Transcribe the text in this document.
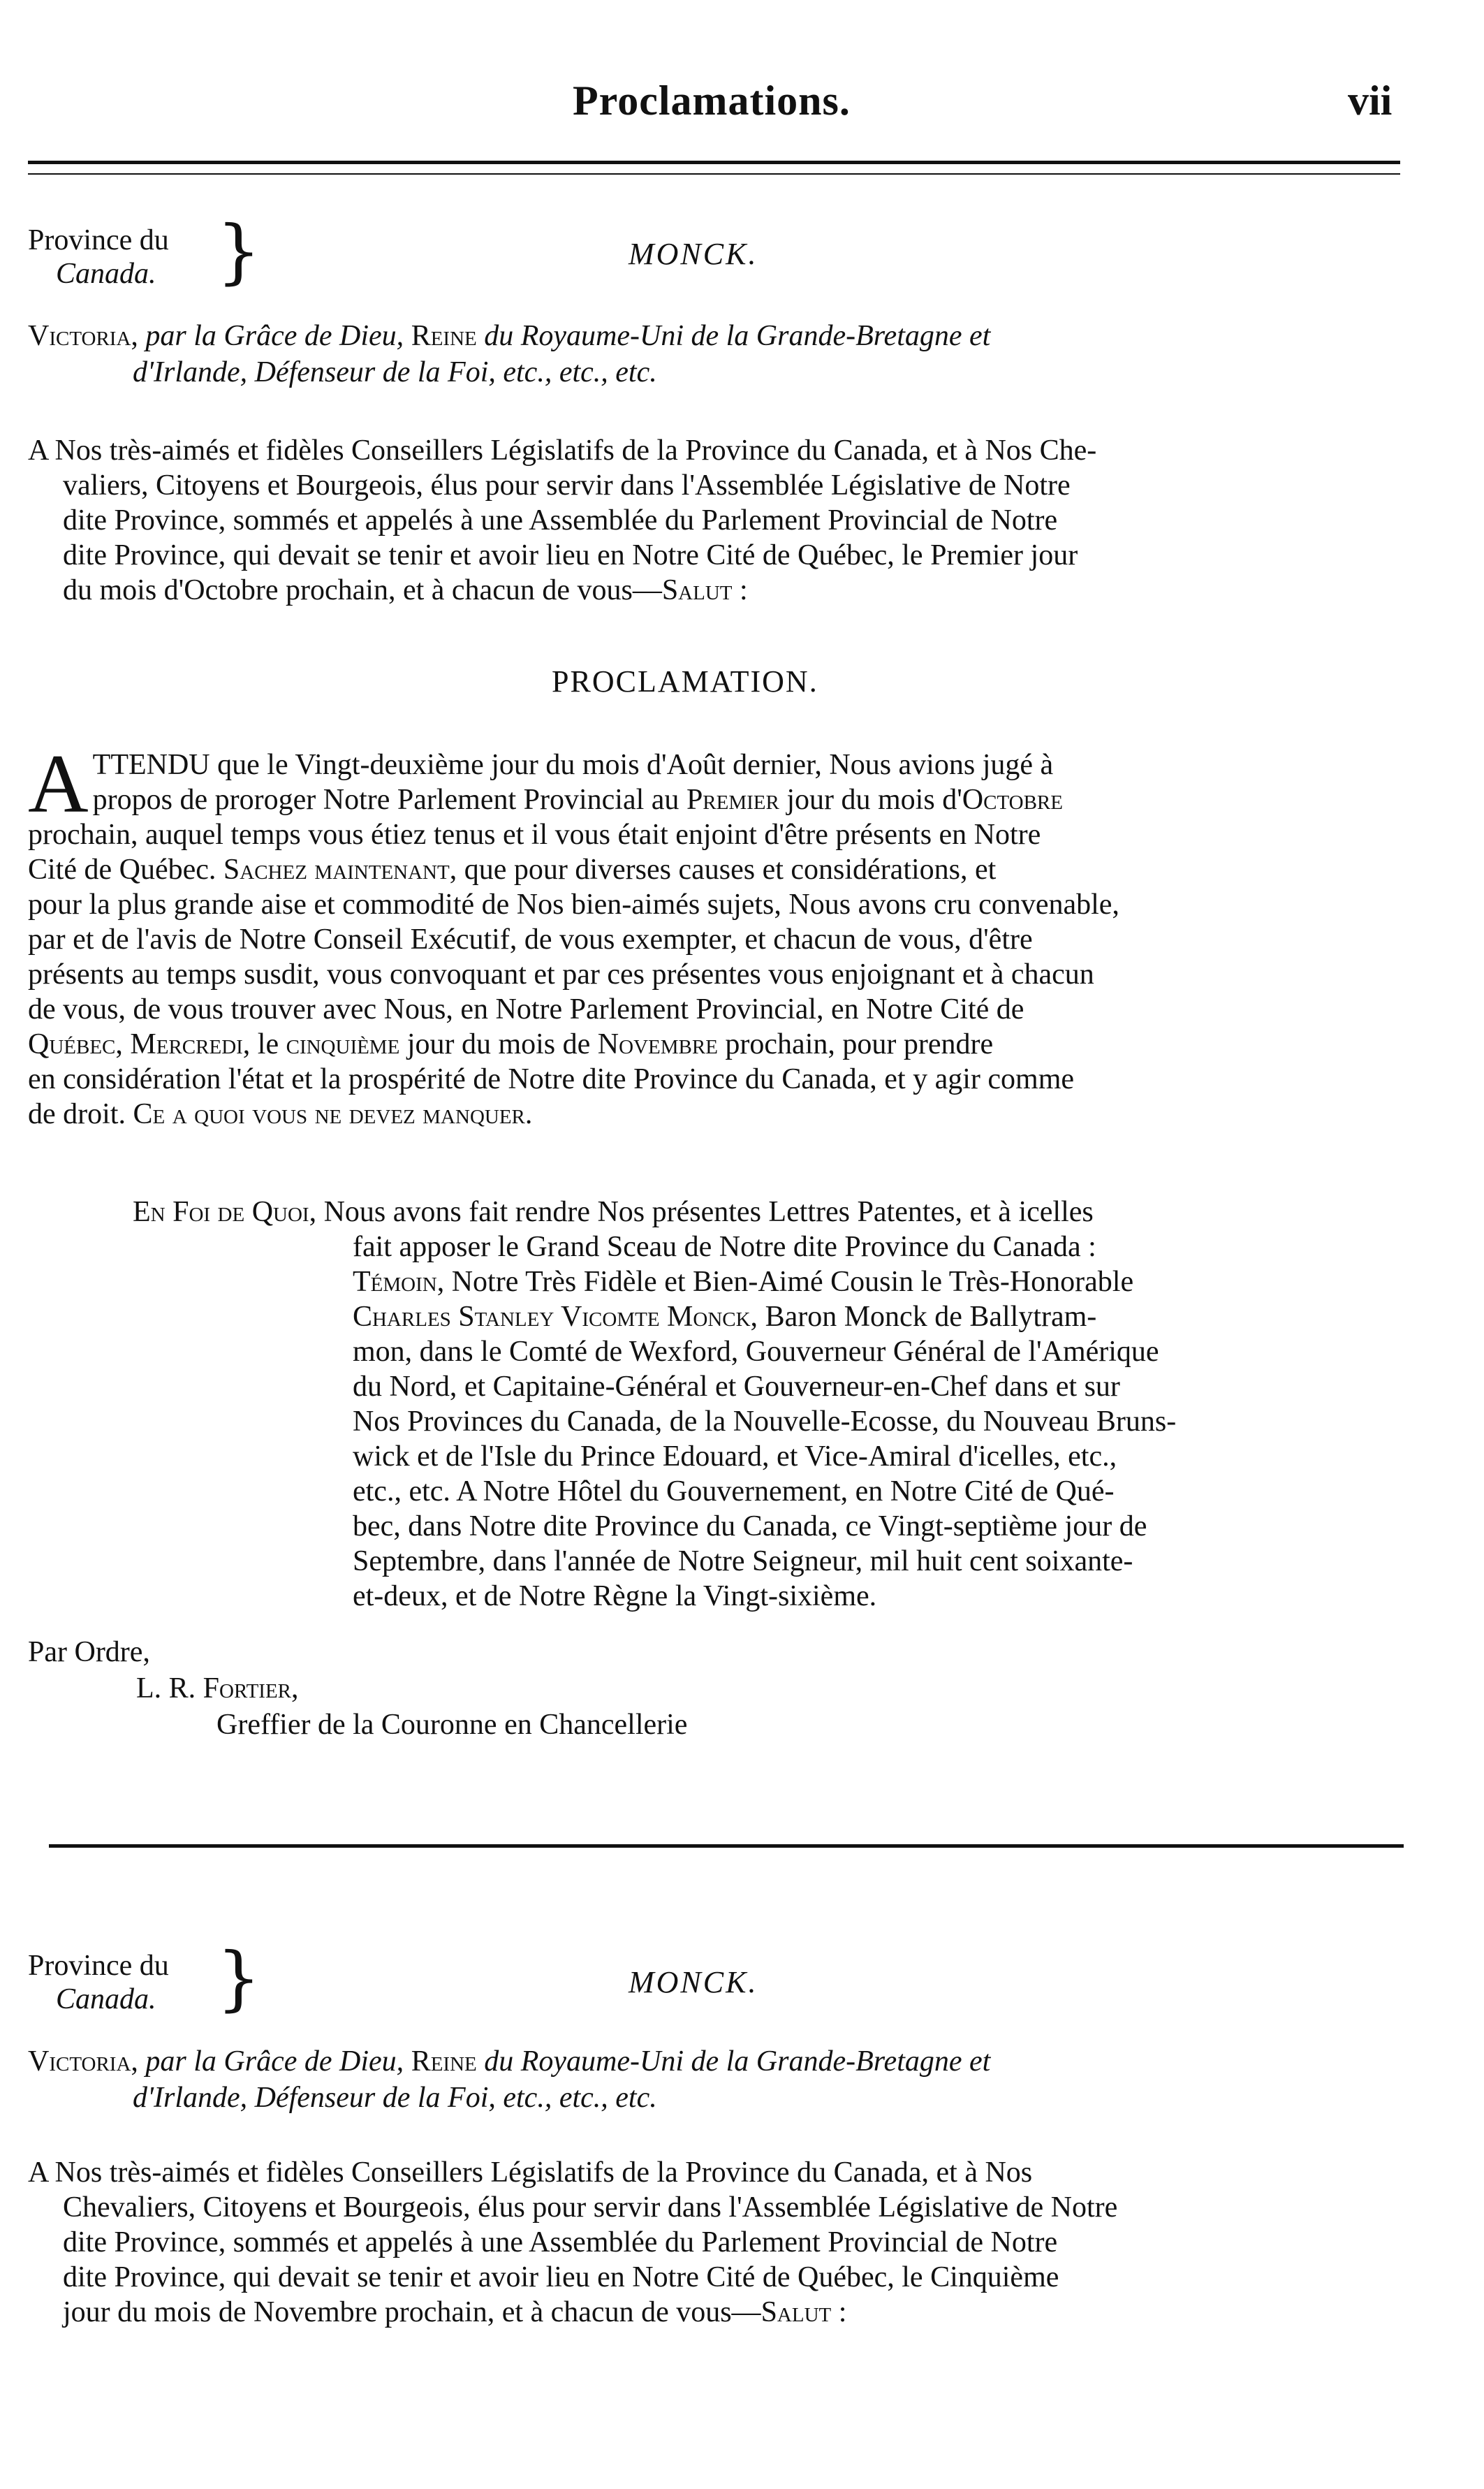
Proclamations.	vii
Province du
Canada. }	MONCK.
Victoria, par la Grâce de Dieu, Reine du Royaume-Uni de la Grande-Bretagne et
d'Irlande, Défenseur de la Foi, etc., etc., etc.
A Nos très-aimés et fidèles Conseillers Législatifs de la Province du Canada, et à Nos Che-
valiers, Citoyens et Bourgeois, élus pour servir dans l'Assemblée Législative de Notre
dite Province, sommés et appelés à une Assemblée du Parlement Provincial de Notre
dite Province, qui devait se tenir et avoir lieu en Notre Cité de Québec, le Premier jour
du mois d'Octobre prochain, et à chacun de vous—Salut :
PROCLAMATION.
A TTENDU que le Vingt-deuxième jour du mois d'Août dernier, Nous avions jugé à
propos de proroger Notre Parlement Provincial au Premier jour du mois d'Octobre
prochain, auquel temps vous étiez tenus et il vous était enjoint d'être présents en Notre
Cité de Québec. Sachez maintenant, que pour diverses causes et considérations, et
pour la plus grande aise et commodité de Nos bien-aimés sujets, Nous avons cru convenable,
par et de l'avis de Notre Conseil Exécutif, de vous exempter, et chacun de vous, d'être
présents au temps susdit, vous convoquant et par ces présentes vous enjoignant et à chacun
de vous, de vous trouver avec Nous, en Notre Parlement Provincial, en Notre Cité de
Québec, Mercredi, le cinquième jour du mois de Novembre prochain, pour prendre
en considération l'état et la prospérité de Notre dite Province du Canada, et y agir comme
de droit. Ce a quoi vous ne devez manquer.
En Foi de Quoi, Nous avons fait rendre Nos présentes Lettres Patentes, et à icelles
fait apposer le Grand Sceau de Notre dite Province du Canada :
Témoin, Notre Très Fidèle et Bien-Aimé Cousin le Très-Honorable
Charles Stanley Vicomte Monck, Baron Monck de Ballytram-
mon, dans le Comté de Wexford, Gouverneur Général de l'Amérique
du Nord, et Capitaine-Général et Gouverneur-en-Chef dans et sur
Nos Provinces du Canada, de la Nouvelle-Ecosse, du Nouveau Bruns-
wick et de l'Isle du Prince Edouard, et Vice-Amiral d'icelles, etc.,
etc., etc. A Notre Hôtel du Gouvernement, en Notre Cité de Qué-
bec, dans Notre dite Province du Canada, ce Vingt-septième jour de
Septembre, dans l'année de Notre Seigneur, mil huit cent soixante-
et-deux, et de Notre Règne la Vingt-sixième.
Par Ordre,
L. R. Fortier,
Greffier de la Couronne en Chancellerie
Province du
Canada. }	MONCK.
Victoria, par la Grâce de Dieu, Reine du Royaume-Uni de la Grande-Bretagne et
d'Irlande, Défenseur de la Foi, etc., etc., etc.
A Nos très-aimés et fidèles Conseillers Législatifs de la Province du Canada, et à Nos
Chevaliers, Citoyens et Bourgeois, élus pour servir dans l'Assemblée Législative de Notre
dite Province, sommés et appelés à une Assemblée du Parlement Provincial de Notre
dite Province, qui devait se tenir et avoir lieu en Notre Cité de Québec, le Cinquième
jour du mois de Novembre prochain, et à chacun de vous—Salut :
